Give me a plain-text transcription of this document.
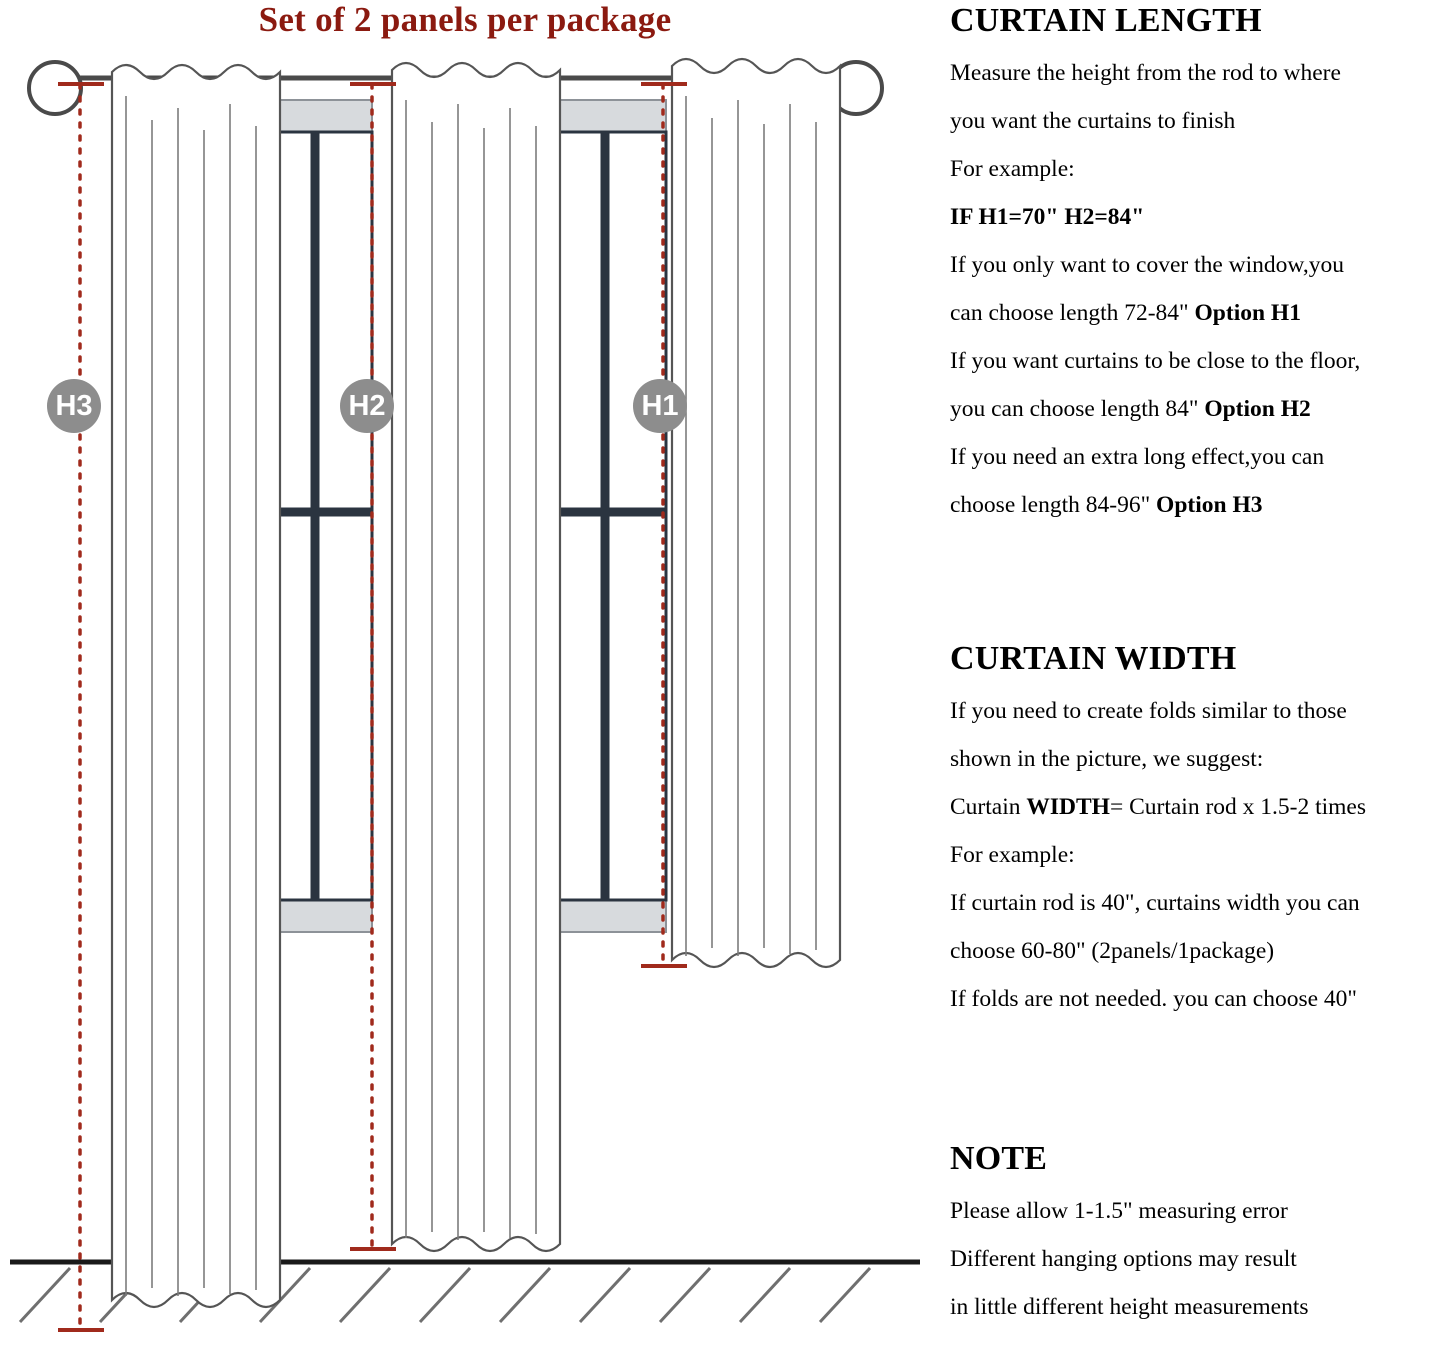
Set of 2 panels per package
H3	H2	H1
CURTAIN LENGTH
Measure the height from the rod to where
you want the curtains to finish
For example:
IF H1=70" H2=84"
If you only want to cover the window,you
can choose length 72-84" Option H1
If you want curtains to be close to the floor,
you can choose length 84" Option H2
If you need an extra long effect,you can
choose length 84-96" Option H3
CURTAIN WIDTH
If you need to create folds similar to those
shown in the picture, we suggest:
Curtain WIDTH= Curtain rod x 1.5-2 times
For example:
If curtain rod is 40", curtains width you can
choose 60-80" (2panels/1package)
If folds are not needed. you can choose 40"
NOTE
Please allow 1-1.5" measuring error
Different hanging options may result
in little different height measurements
